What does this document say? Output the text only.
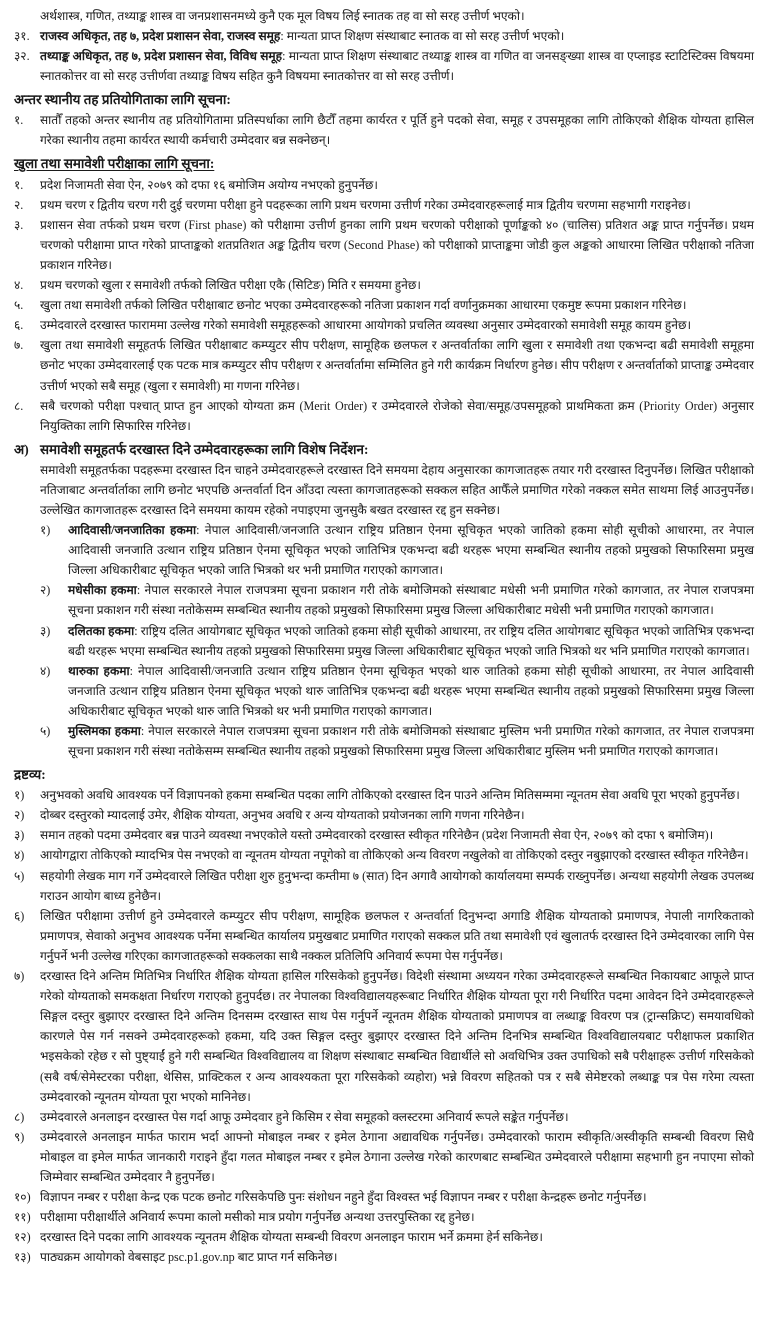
अर्थशास्त्र, गणित, तथ्याङ्क शास्त्र वा जनप्रशासनमध्ये कुनै एक मूल विषय लिई स्नातक तह वा सो सरह उत्तीर्ण भएको।
३१. राजस्व अधिकृत, तह ७, प्रदेश प्रशासन सेवा, राजस्व समूह: मान्यता प्राप्त शिक्षण संस्थाबाट स्नातक वा सो सरह उत्तीर्ण भएको।
३२. तथ्याङ्क अधिकृत, तह ७, प्रदेश प्रशासन सेवा, विविध समूह: मान्यता प्राप्त शिक्षण संस्थाबाट तथ्याङ्क शास्त्र वा गणित वा जनसङ्ख्या शास्त्र वा एप्लाइड स्टाटिस्टिक्स विषयमा स्नातकोत्तर वा सो सरह उत्तीर्णवा तथ्याङ्क विषय सहित कुनै विषयमा स्नातकोत्तर वा सो सरह उत्तीर्ण।
अन्तर स्थानीय तह प्रतियोगिताका लागि सूचना:
१.	सातौँ तहको अन्तर स्थानीय तह प्रतियोगितामा प्रतिस्पर्धाका लागि छैटौँ तहमा कार्यरत र पूर्ति हुने पदको सेवा, समूह र उपसमूहका लागि तोकिएको शैक्षिक योग्यता हासिल गरेका स्थानीय तहमा कार्यरत स्थायी कर्मचारी उम्मेदवार बन्न सक्नेछन्।
खुला तथा समावेशी परीक्षाका लागि सूचना:
१.	प्रदेश निजामती सेवा ऐन, २०७९ को दफा १६ बमोजिम अयोग्य नभएको हुनुपर्नेछ।
२.	प्रथम चरण र द्वितीय चरण गरी दुई चरणमा परीक्षा हुने पदहरूका लागि प्रथम चरणमा उत्तीर्ण गरेका उम्मेदवारहरूलाई मात्र द्वितीय चरणमा सहभागी गराइनेछ।
३.	प्रशासन सेवा तर्फको प्रथम चरण (First phase) को परीक्षामा उत्तीर्ण हुनका लागि प्रथम चरणको परीक्षाको पूर्णाङ्कको ४० (चालिस) प्रतिशत अङ्क प्राप्त गर्नुपर्नेछ। प्रथम चरणको परीक्षामा प्राप्त गरेको प्राप्ताङ्कको शतप्रतिशत अङ्क द्वितीय चरण (Second Phase) को परीक्षाको प्राप्ताङ्कमा जोडी कुल अङ्कको आधारमा लिखित परीक्षाको नतिजा प्रकाशन गरिनेछ।
४.	प्रथम चरणको खुला र समावेशी तर्फको लिखित परीक्षा एकै (सिटिङ) मिति र समयमा हुनेछ।
५.	खुला तथा समावेशी तर्फको लिखित परीक्षाबाट छनोट भएका उम्मेदवारहरूको नतिजा प्रकाशन गर्दा वर्णानुक्रमका आधारमा एकमुष्ट रूपमा प्रकाशन गरिनेछ।
६.	उम्मेदवारले दरखास्त फाराममा उल्लेख गरेको समावेशी समूहहरूको आधारमा आयोगको प्रचलित व्यवस्था अनुसार उम्मेदवारको समावेशी समूह कायम हुनेछ।
७.	खुला तथा समावेशी समूहतर्फ लिखित परीक्षाबाट कम्प्युटर सीप परीक्षण, सामूहिक छलफल र अन्तर्वार्ताका लागि खुला र समावेशी तथा एकभन्दा बढी समावेशी समूहमा छनोट भएका उम्मेदवारलाई एक पटक मात्र कम्प्युटर सीप परीक्षण र अन्तर्वार्तामा सम्मिलित हुने गरी कार्यक्रम निर्धारण हुनेछ। सीप परीक्षण र अन्तर्वार्ताको प्राप्ताङ्क उम्मेदवार उत्तीर्ण भएको सबै समूह (खुला र समावेशी) मा गणना गरिनेछ।
८.	सबै चरणको परीक्षा पश्चात् प्राप्त हुन आएको योग्यता क्रम (Merit Order) र उम्मेदवारले रोजेको सेवा/समूह/उपसमूहको प्राथमिकता क्रम (Priority Order) अनुसार नियुक्तिका लागि सिफारिस गरिनेछ।
अ) समावेशी समूहतर्फ दरखास्त दिने उम्मेदवारहरूका लागि विशेष निर्देशन:
समावेशी समूहतर्फका पदहरूमा दरखास्त दिन चाहने उम्मेदवारहरूले दरखास्त दिने समयमा देहाय अनुसारका कागजातहरू तयार गरी दरखास्त दिनुपर्नेछ। लिखित परीक्षाको नतिजाबाट अन्तर्वार्ताका लागि छनोट भएपछि अन्तर्वार्ता दिन आँउदा त्यस्ता कागजातहरूको सक्कल सहित आफैँले प्रमाणित गरेको नक्कल समेत साथमा लिई आउनुपर्नेछ। उल्लेखित कागजातहरू दरखास्त दिने समयमा कायम रहेको नपाइएमा जुनसुकै बखत दरखास्त रद्द हुन सक्नेछ।
१)	आदिवासी/जनजातिका हकमा: नेपाल आदिवासी/जनजाति उत्थान राष्ट्रिय प्रतिष्ठान ऐनमा सूचिकृत भएको जातिको हकमा सोही सूचीको आधारमा, तर नेपाल आदिवासी जनजाति उत्थान राष्ट्रिय प्रतिष्ठान ऐनमा सूचिकृत भएको जातिभित्र एकभन्दा बढी थरहरू भएमा सम्बन्धित स्थानीय तहको प्रमुखको सिफारिसमा प्रमुख जिल्ला अधिकारीबाट सूचिकृत भएको जाति भित्रको थर भनी प्रमाणित गराएको कागजात।
२)	मधेसीका हकमा: नेपाल सरकारले नेपाल राजपत्रमा सूचना प्रकाशन गरी तोके बमोजिमको संस्थाबाट मधेसी भनी प्रमाणित गरेको कागजात, तर नेपाल राजपत्रमा सूचना प्रकाशन गरी संस्था नतोकेसम्म सम्बन्धित स्थानीय तहको प्रमुखको सिफारिसमा प्रमुख जिल्ला अधिकारीबाट मधेसी भनी प्रमाणित गराएको कागजात।
३)	दलितका हकमा: राष्ट्रिय दलित आयोगबाट सूचिकृत भएको जातिको हकमा सोही सूचीको आधारमा, तर राष्ट्रिय दलित आयोगबाट सूचिकृत भएको जातिभित्र एकभन्दा बढी थरहरू भएमा सम्बन्धित स्थानीय तहको प्रमुखको सिफारिसमा प्रमुख जिल्ला अधिकारीबाट सूचिकृत भएको जाति भित्रको थर भनि प्रमाणित गराएको कागजात।
४)	थारुका हकमा: नेपाल आदिवासी/जनजाति उत्थान राष्ट्रिय प्रतिष्ठान ऐनमा सूचिकृत भएको थारु जातिको हकमा सोही सूचीको आधारमा, तर नेपाल आदिवासी जनजाति उत्थान राष्ट्रिय प्रतिष्ठान ऐनमा सूचिकृत भएको थारु जातिभित्र एकभन्दा बढी थरहरू भएमा सम्बन्धित स्थानीय तहको प्रमुखको सिफारिसमा प्रमुख जिल्ला अधिकारीबाट सूचिकृत भएको थारु जाति भित्रको थर भनी प्रमाणित गराएको कागजात।
५)	मुस्लिमका हकमा: नेपाल सरकारले नेपाल राजपत्रमा सूचना प्रकाशन गरी तोके बमोजिमको संस्थाबाट मुस्लिम भनी प्रमाणित गरेको कागजात, तर नेपाल राजपत्रमा सूचना प्रकाशन गरी संस्था नतोकेसम्म सम्बन्धित स्थानीय तहको प्रमुखको सिफारिसमा प्रमुख जिल्ला अधिकारीबाट मुस्लिम भनी प्रमाणित गराएको कागजात।
द्रष्टव्य:
१)	अनुभवको अवधि आवश्यक पर्ने विज्ञापनको हकमा सम्बन्धित पदका लागि तोकिएको दरखास्त दिन पाउने अन्तिम मितिसम्ममा न्यूनतम सेवा अवधि पूरा भएको हुनुपर्नेछ।
२)	दोब्बर दस्तुरको म्यादलाई उमेर, शैक्षिक योग्यता, अनुभव अवधि र अन्य योग्यताको प्रयोजनका लागि गणना गरिनेछैन।
३)	समान तहको पदमा उम्मेदवार बन्न पाउने व्यवस्था नभएकोले यस्तो उम्मेदवारको दरखास्त स्वीकृत गरिनेछैन (प्रदेश निजामती सेवा ऐन, २०७९ को दफा ९ बमोजिम)।
४)	आयोगद्वारा तोकिएको म्यादभित्र पेस नभएको वा न्यूनतम योग्यता नपूगेको वा तोकिएको अन्य विवरण नखुलेको वा तोकिएको दस्तुर नबुझाएको दरखास्त स्वीकृत गरिनेछैन।
५)	सहयोगी लेखक माग गर्ने उम्मेदवारले लिखित परीक्षा शुरु हुनुभन्दा कम्तीमा ७ (सात) दिन अगावै आयोगको कार्यालयमा सम्पर्क राख्नुपर्नेछ। अन्यथा सहयोगी लेखक उपलब्ध गराउन आयोग बाध्य हुनेछैन।
६)	लिखित परीक्षामा उत्तीर्ण हुने उम्मेदवारले कम्प्युटर सीप परीक्षण, सामूहिक छलफल र अन्तर्वार्ता दिनुभन्दा अगाडि शैक्षिक योग्यताको प्रमाणपत्र, नेपाली नागरिकताको प्रमाणपत्र, सेवाको अनुभव आवश्यक पर्नेमा सम्बन्धित कार्यालय प्रमुखबाट प्रमाणित गराएको सक्कल प्रति तथा समावेशी एवं खुलातर्फ दरखास्त दिने उम्मेदवारका लागि पेस गर्नुपर्ने भनी उल्लेख गरिएका कागजातहरूको सक्कलका साथै नक्कल प्रतिलिपि अनिवार्य रूपमा पेस गर्नुपर्नेछ।
७)	दरखास्त दिने अन्तिम मितिभित्र निर्धारित शैक्षिक योग्यता हासिल गरिसकेको हुनुपर्नेछ। विदेशी संस्थामा अध्ययन गरेका उम्मेदवारहरूले सम्बन्धित निकायबाट आफूले प्राप्त गरेको योग्यताको समकक्षता निर्धारण गराएको हुनुपर्दछ। तर नेपालका विश्वविद्यालयहरूबाट निर्धारित शैक्षिक योग्यता पूरा गरी निर्धारित पदमा आवेदन दिने उम्मेदवारहरूले सिङ्गल दस्तुर बुझाएर दरखास्त दिने अन्तिम दिनसम्म दरखास्त साथ पेस गर्नुपर्ने न्यूनतम शैक्षिक योग्यताको प्रमाणपत्र वा लब्धाङ्क विवरण पत्र (ट्रान्सक्रिप्ट) समयावधिको कारणले पेस गर्न नसक्ने उम्मेदवारहरूको हकमा, यदि उक्त सिङ्गल दस्तुर बुझाएर दरखास्त दिने अन्तिम दिनभित्र सम्बन्धित विश्वविद्यालयबाट परीक्षाफल प्रकाशित भइसकेको रहेछ र सो पुष्ट्याईं हुने गरी सम्बन्धित विश्वविद्यालय वा शिक्षण संस्थाबाट सम्बन्धित विद्यार्थीले सो अवधिभित्र उक्त उपाधिको सबै परीक्षाहरू उत्तीर्ण गरिसकेको (सबै वर्ष/सेमेस्टरका परीक्षा, थेसिस, प्राक्टिकल र अन्य आवश्यकता पूरा गरिसकेको व्यहोरा) भन्ने विवरण सहितको पत्र र सबै सेमेष्टरको लब्धाङ्क पत्र पेस गरेमा त्यस्ता उम्मेदवारको न्यूनतम योग्यता पूरा भएको मानिनेछ।
८)	उम्मेदवारले अनलाइन दरखास्त पेस गर्दा आफू उम्मेदवार हुने किसिम र सेवा समूहको क्लस्टरमा अनिवार्य रूपले सङ्केत गर्नुपर्नेछ।
९)	उम्मेदवारले अनलाइन मार्फत फाराम भर्दा आफ्नो मोबाइल नम्बर र इमेल ठेगाना अद्यावधिक गर्नुपर्नेछ। उम्मेदवारको फाराम स्वीकृति/अस्वीकृति सम्बन्धी विवरण सिधै मोबाइल वा इमेल मार्फत जानकारी गराइने हुँदा गलत मोबाइल नम्बर र इमेल ठेगाना उल्लेख गरेको कारणबाट सम्बन्धित उम्मेदवारले परीक्षामा सहभागी हुन नपाएमा सोको जिम्मेवार सम्बन्धित उम्मेदवार नै हुनुपर्नेछ।
१०) विज्ञापन नम्बर र परीक्षा केन्द्र एक पटक छनोट गरिसकेपछि पुनः संशोधन नहुने हुँदा विश्वस्त भई विज्ञापन नम्बर र परीक्षा केन्द्रहरू छनोट गर्नुपर्नेछ।
११) परीक्षामा परीक्षार्थीले अनिवार्य रूपमा कालो मसीको मात्र प्रयोग गर्नुपर्नेछ अन्यथा उत्तरपुस्तिका रद्द हुनेछ।
१२) दरखास्त दिने पदका लागि आवश्यक न्यूनतम शैक्षिक योग्यता सम्बन्धी विवरण अनलाइन फाराम भर्ने क्रममा हेर्न सकिनेछ।
१३) पाठ्यक्रम आयोगको वेबसाइट psc.p1.gov.np बाट प्राप्त गर्न सकिनेछ।
